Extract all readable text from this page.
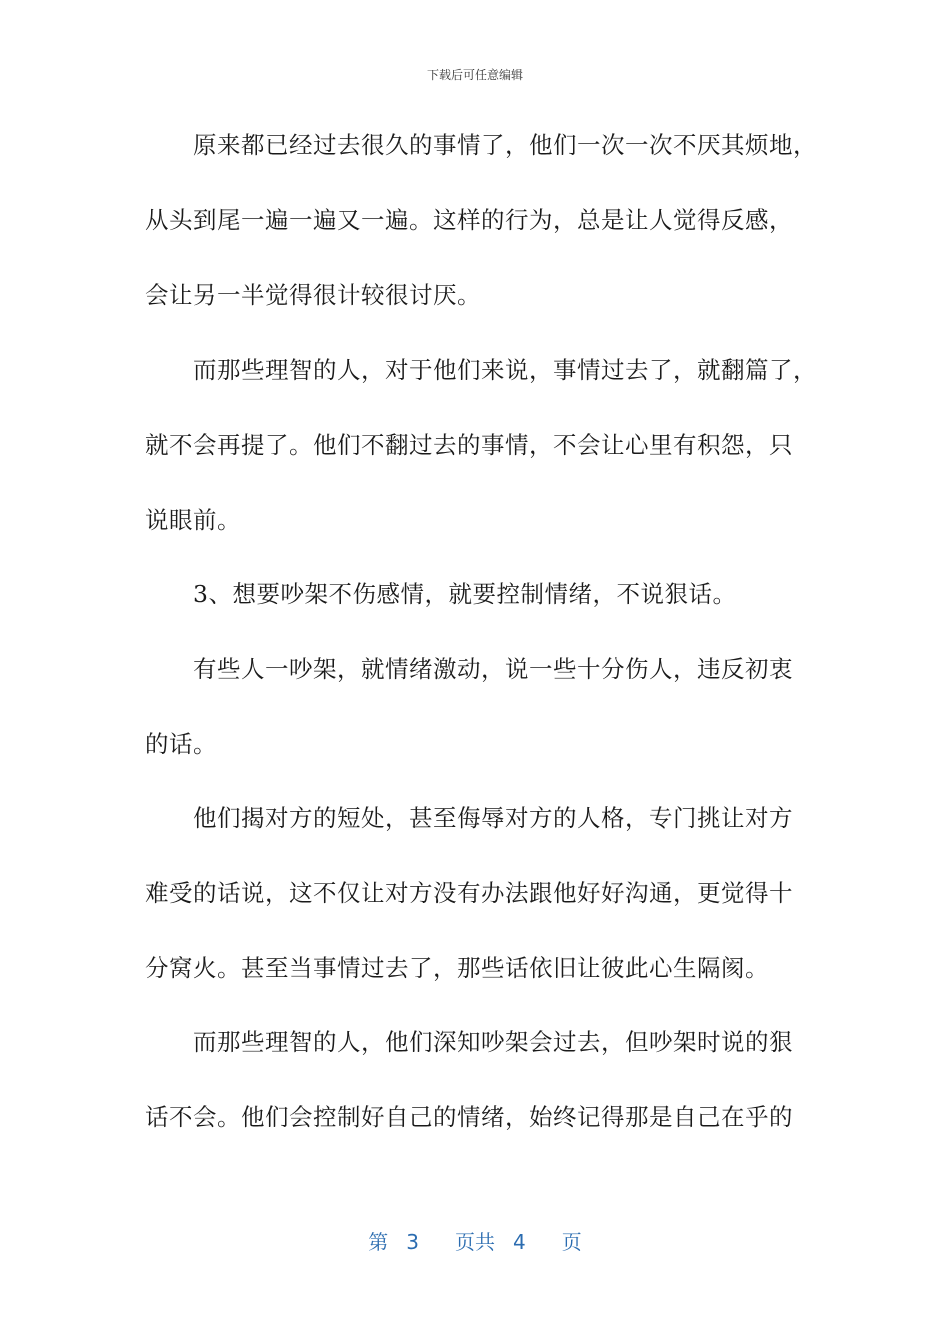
下载后可任意编辑
　　原来都已经过去很久的事情了，他们一次一次不厌其烦地，
从头到尾一遍一遍又一遍。这样的行为，总是让人觉得反感，
会让另一半觉得很计较很讨厌。
　　而那些理智的人，对于他们来说，事情过去了，就翻篇了，
就不会再提了。他们不翻过去的事情，不会让心里有积怨，只
说眼前。
　　3、想要吵架不伤感情，就要控制情绪，不说狠话。
　　有些人一吵架，就情绪激动，说一些十分伤人，违反初衷
的话。
　　他们揭对方的短处，甚至侮辱对方的人格，专门挑让对方
难受的话说，这不仅让对方没有办法跟他好好沟通，更觉得十
分窝火。甚至当事情过去了，那些话依旧让彼此心生隔阂。
　　而那些理智的人，他们深知吵架会过去，但吵架时说的狠
话不会。他们会控制好自己的情绪，始终记得那是自己在乎的
第 3 页共 4 页
